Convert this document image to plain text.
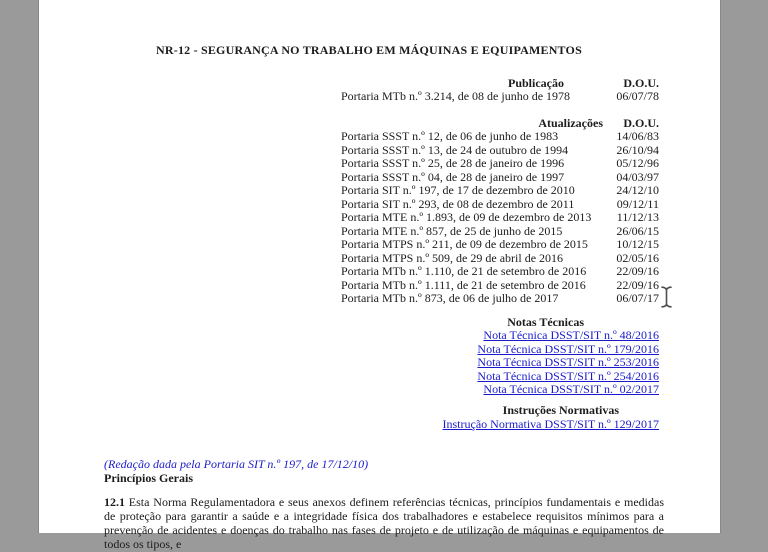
NR-12 - SEGURANÇA NO TRABALHO EM MÁQUINAS E EQUIPAMENTOS
Publicação	D.O.U.
Portaria MTb n.º 3.214, de 08 de junho de 1978	06/07/78
Atualizações	D.O.U.
Portaria SSST n.º 12, de 06 de junho de 1983	14/06/83
Portaria SSST n.º 13, de 24 de outubro de 1994	26/10/94
Portaria SSST n.º 25, de 28 de janeiro de 1996	05/12/96
Portaria SSST n.º 04, de 28 de janeiro de 1997	04/03/97
Portaria SIT n.º 197, de 17 de dezembro de 2010	24/12/10
Portaria SIT n.º 293, de 08 de dezembro de 2011	09/12/11
Portaria MTE n.º 1.893, de 09 de dezembro de 2013	11/12/13
Portaria MTE n.º 857, de 25 de junho de 2015	26/06/15
Portaria MTPS n.º 211, de 09 de dezembro de 2015	10/12/15
Portaria MTPS n.º 509, de 29 de abril de 2016	02/05/16
Portaria MTb n.º 1.110, de 21 de setembro de 2016	22/09/16
Portaria MTb n.º 1.111, de 21 de setembro de 2016	22/09/16
Portaria MTb n.º 873, de 06 de julho de 2017	06/07/17
Notas Técnicas
Nota Técnica DSST/SIT n.º 48/2016
Nota Técnica DSST/SIT n.º 179/2016
Nota Técnica DSST/SIT n.º 253/2016
Nota Técnica DSST/SIT n.º 254/2016
Nota Técnica DSST/SIT n.º 02/2017
Instruções Normativas
Instrução Normativa DSST/SIT n.º 129/2017
(Redação dada pela Portaria SIT n.º 197, de 17/12/10)
Princípios Gerais
12.1 Esta Norma Regulamentadora e seus anexos definem referências técnicas, princípios fundamentais e medidas de proteção para garantir a saúde e a integridade física dos trabalhadores e estabelece requisitos mínimos para a prevenção de acidentes e doenças do trabalho nas fases de projeto e de utilização de máquinas e equipamentos de todos os tipos, e
